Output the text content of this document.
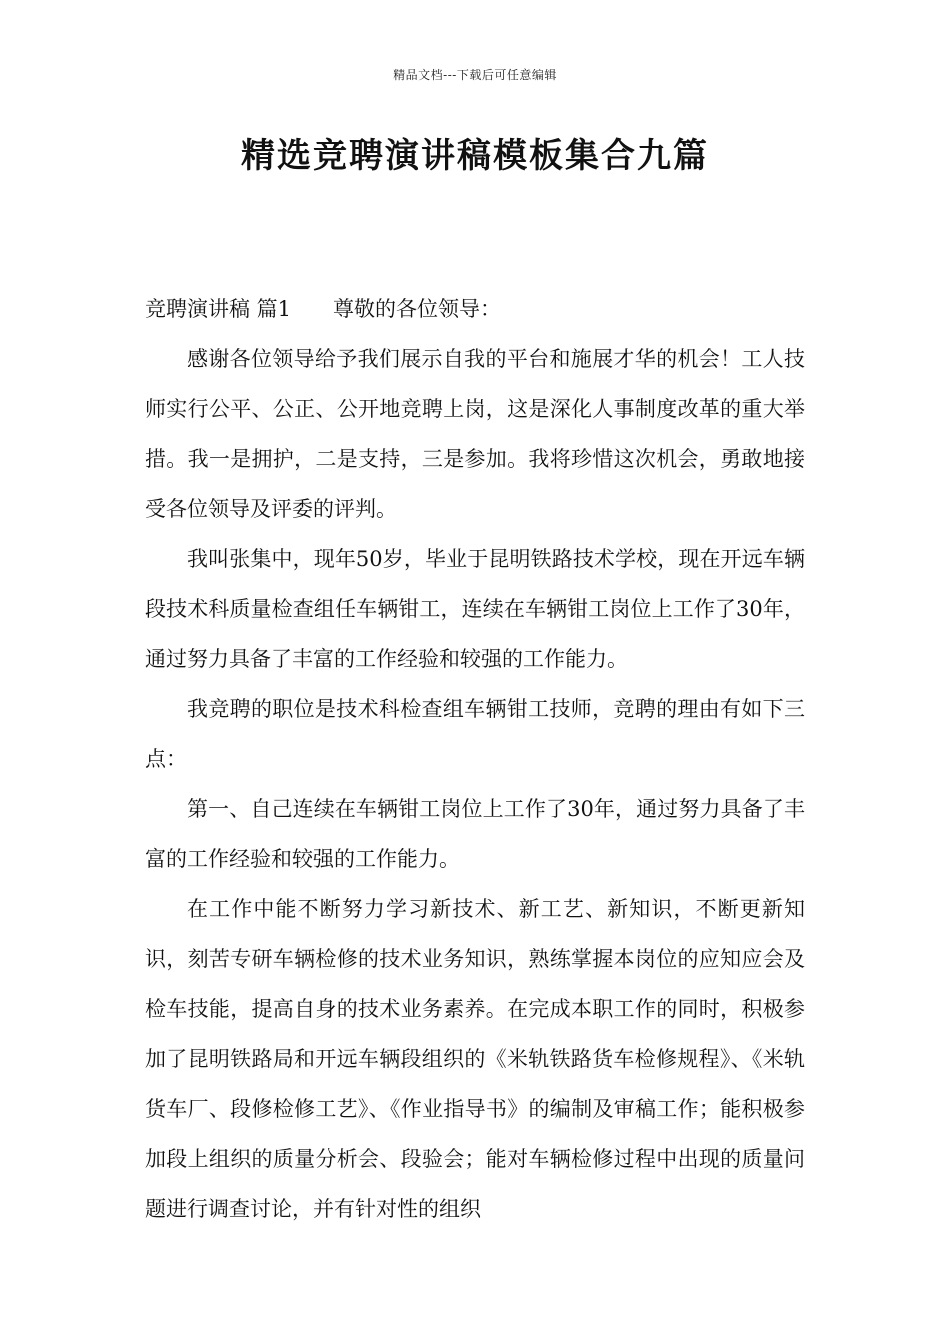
精品文档---下载后可任意编辑
精选竞聘演讲稿模板集合九篇

竞聘演讲稿 篇1 尊敬的各位领导：

感谢各位领导给予我们展示自我的平台和施展才华的机会！工人技师实行公平、公正、公开地竞聘上岗，这是深化人事制度改革的重大举措。我一是拥护，二是支持，三是参加。我将珍惜这次机会，勇敢地接受各位领导及评委的评判。

我叫张集中，现年50岁，毕业于昆明铁路技术学校，现在开远车辆段技术科质量检查组任车辆钳工，连续在车辆钳工岗位上工作了30年，通过努力具备了丰富的工作经验和较强的工作能力。

我竞聘的职位是技术科检查组车辆钳工技师，竞聘的理由有如下三点：

第一、自己连续在车辆钳工岗位上工作了30年，通过努力具备了丰富的工作经验和较强的工作能力。

在工作中能不断努力学习新技术、新工艺、新知识，不断更新知识，刻苦专研车辆检修的技术业务知识，熟练掌握本岗位的应知应会及检车技能，提高自身的技术业务素养。在完成本职工作的同时，积极参加了昆明铁路局和开远车辆段组织的《米轨铁路货车检修规程》、《米轨货车厂、段修检修工艺》、《作业指导书》的编制及审稿工作；能积极参加段上组织的质量分析会、段验会；能对车辆检修过程中出现的质量问题进行调查讨论，并有针对性的组织
